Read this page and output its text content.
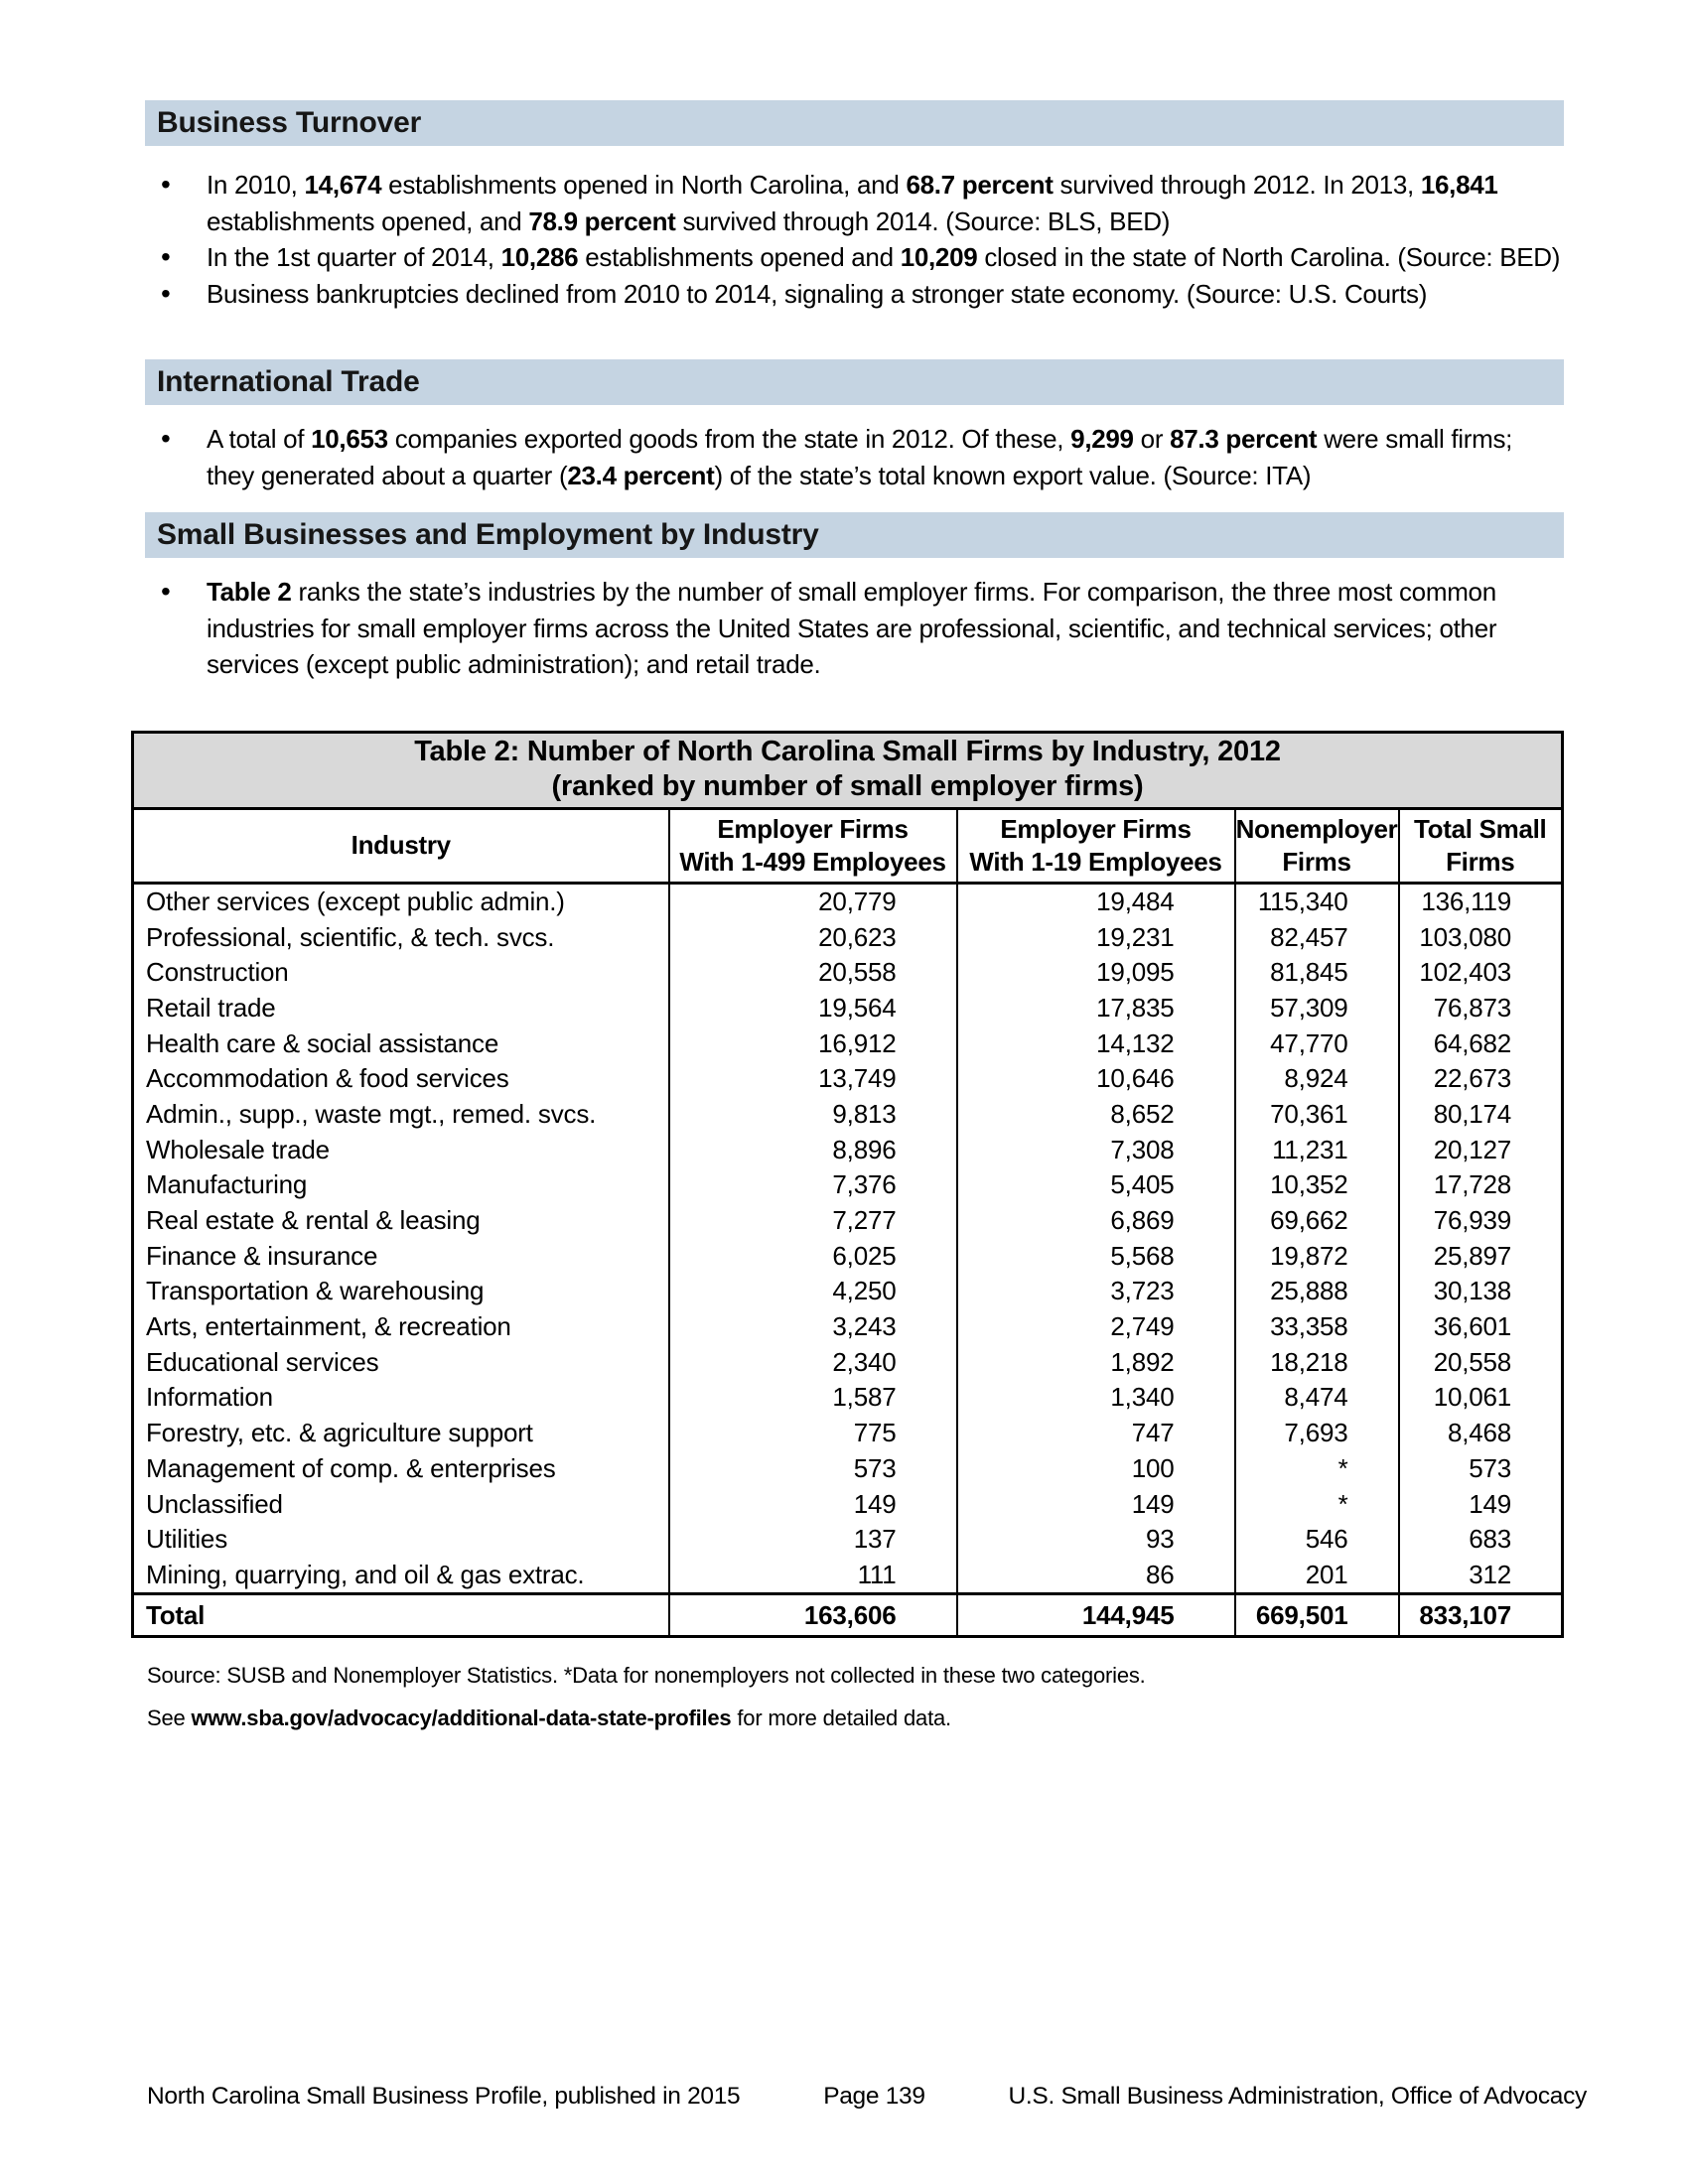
Business Turnover
• In 2010, 14,674 establishments opened in North Carolina, and 68.7 percent survived through 2012. In 2013, 16,841 establishments opened, and 78.9 percent survived through 2014. (Source: BLS, BED)
• In the 1st quarter of 2014, 10,286 establishments opened and 10,209 closed in the state of North Carolina. (Source: BED)
• Business bankruptcies declined from 2010 to 2014, signaling a stronger state economy. (Source: U.S. Courts)
International Trade
• A total of 10,653 companies exported goods from the state in 2012. Of these, 9,299 or 87.3 percent were small firms; they generated about a quarter (23.4 percent) of the state’s total known export value. (Source: ITA)
Small Businesses and Employment by Industry
• Table 2 ranks the state’s industries by the number of small employer firms. For comparison, the three most common industries for small employer firms across the United States are professional, scientific, and technical services; other services (except public administration); and retail trade.
Table 2: Number of North Carolina Small Firms by Industry, 2012
(ranked by number of small employer firms)				

Industry	
Employer Firms
With 1-499 Employees

Employer Firms
With 1-19 Employees

Nonemployer
Firms

Total Small
Firms

Other services (except public admin.)	20,779	19,484	115,340	136,119
Professional, scientific, & tech. svcs.	20,623	19,231	82,457	103,080
Construction	20,558	19,095	81,845	102,403
Retail trade	19,564	17,835	57,309	76,873
Health care & social assistance	16,912	14,132	47,770	64,682
Accommodation & food services	13,749	10,646	8,924	22,673
Admin., supp., waste mgt., remed. svcs.	9,813	8,652	70,361	80,174
Wholesale trade	8,896	7,308	11,231	20,127
Manufacturing	7,376	5,405	10,352	17,728
Real estate & rental & leasing	7,277	6,869	69,662	76,939
Finance & insurance	6,025	5,568	19,872	25,897
Transportation & warehousing	4,250	3,723	25,888	30,138
Arts, entertainment, & recreation	3,243	2,749	33,358	36,601
Educational services	2,340	1,892	18,218	20,558
Information	1,587	1,340	8,474	10,061
Forestry, etc. & agriculture support	775	747	7,693	8,468
Management of comp. & enterprises	573	100	*	573
Unclassified	149	149	*	149
Utilities	137	93	546	683
Mining, quarrying, and oil & gas extrac.	111	86	201	312
Total	163,606	144,945	669,501	833,107
Source: SUSB and Nonemployer Statistics. *Data for nonemployers not collected in these two categories.
See www.sba.gov/advocacy/additional-data-state-profiles for more detailed data.
North Carolina Small Business Profile, published in 2015	Page 139	U.S. Small Business Administration, Office of Advocacy
